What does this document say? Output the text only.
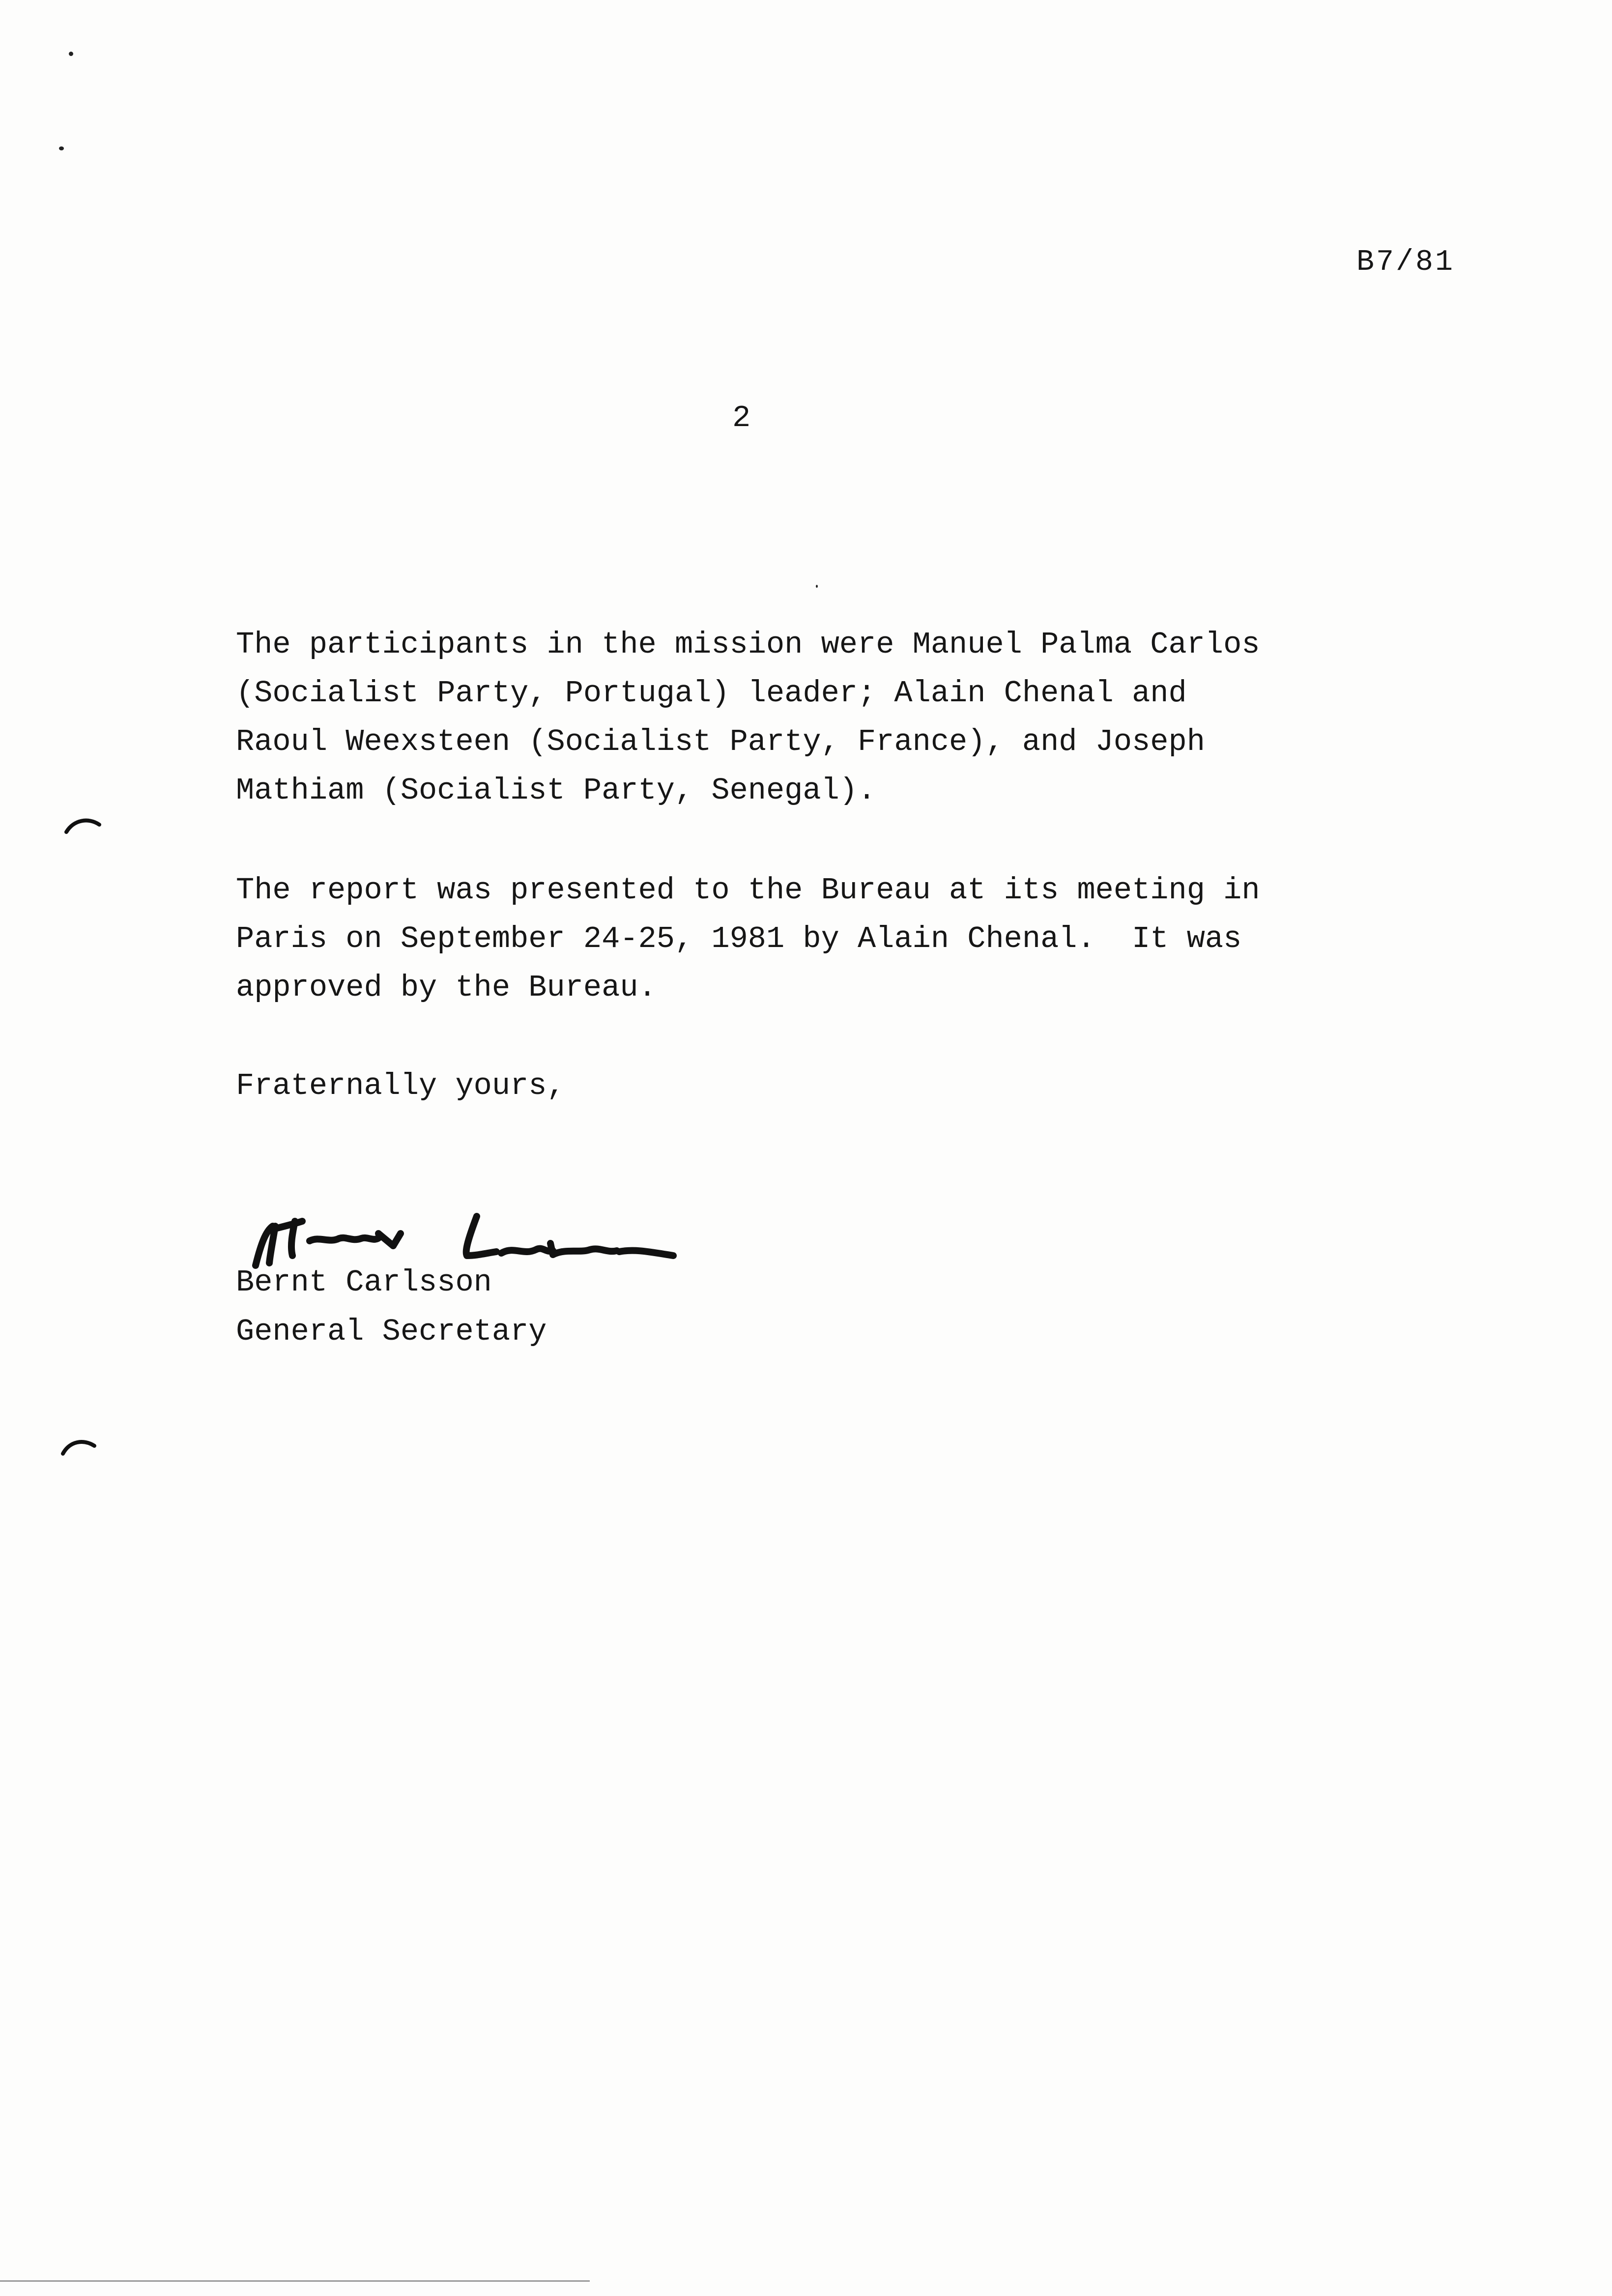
B7/81
2
The participants in the mission were Manuel Palma Carlos
(Socialist Party, Portugal) leader; Alain Chenal and
Raoul Weexsteen (Socialist Party, France), and Joseph
Mathiam (Socialist Party, Senegal).
The report was presented to the Bureau at its meeting in
Paris on September 24-25, 1981 by Alain Chenal.  It was
approved by the Bureau.
Fraternally yours,
Bernt Carlsson
General Secretary
